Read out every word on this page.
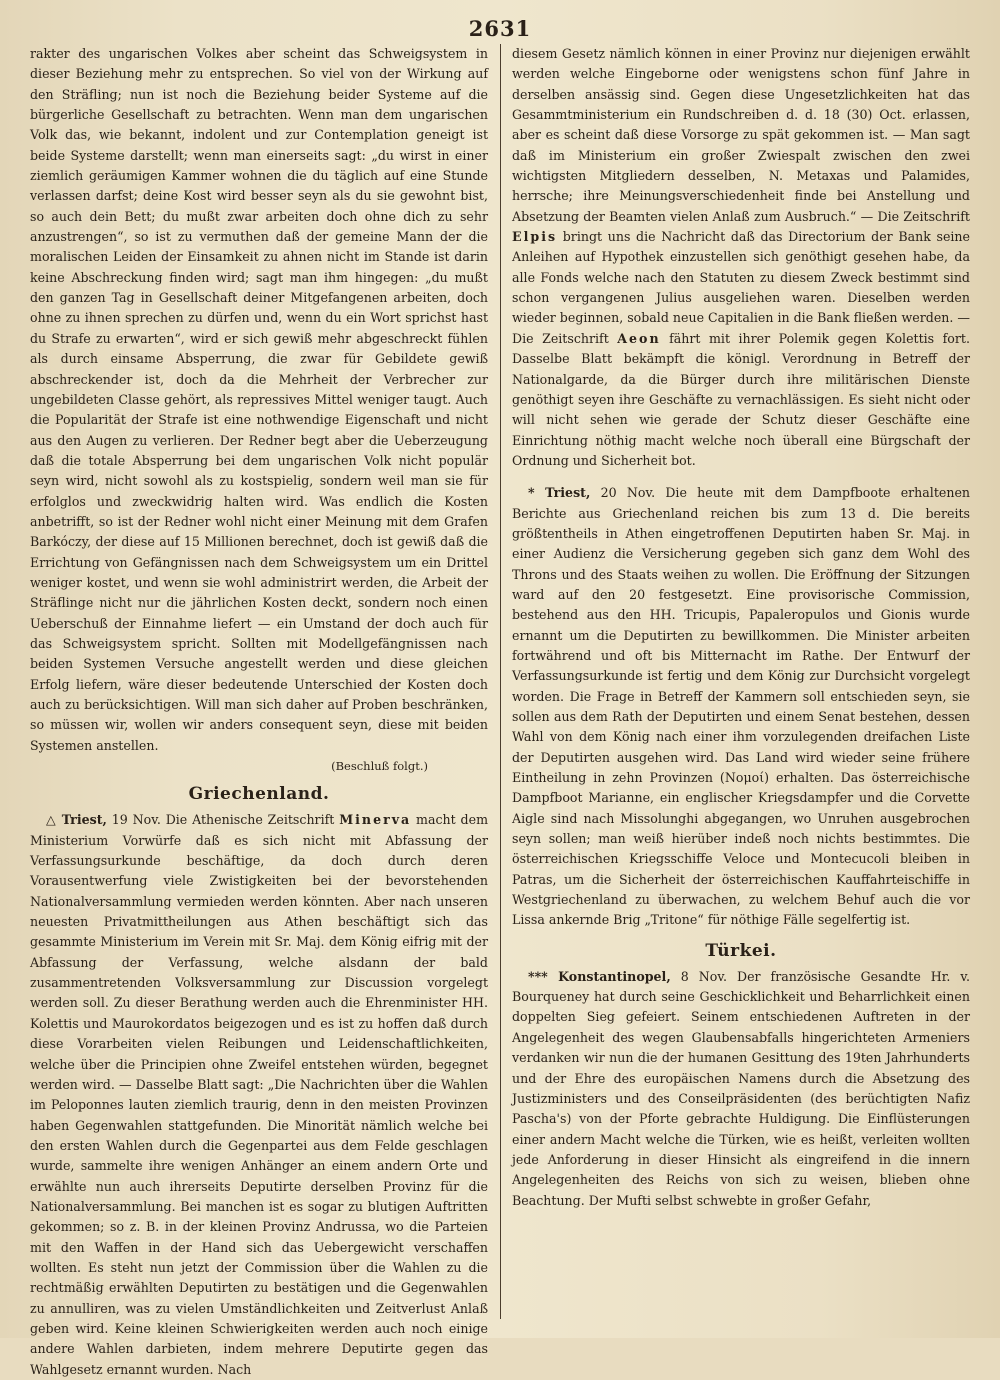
2631

rakter des ungarischen Volkes aber scheint das Schweigsystem in dieser Beziehung mehr zu entsprechen. So viel von der Wirkung auf den Sträfling; nun ist noch die Beziehung beider Systeme auf die bürgerliche Gesellschaft zu betrachten. Wenn man dem ungarischen Volk das, wie bekannt, indolent und zur Contemplation geneigt ist beide Systeme darstellt; wenn man einerseits sagt: „du wirst in einer ziemlich geräumigen Kammer wohnen die du täglich auf eine Stunde verlassen darfst; deine Kost wird besser seyn als du sie gewohnt bist, so auch dein Bett; du mußt zwar arbeiten doch ohne dich zu sehr anzustrengen“, so ist zu vermuthen daß der gemeine Mann der die moralischen Leiden der Einsamkeit zu ahnen nicht im Stande ist darin keine Abschreckung finden wird; sagt man ihm hingegen: „du mußt den ganzen Tag in Gesellschaft deiner Mitgefangenen arbeiten, doch ohne zu ihnen sprechen zu dürfen und, wenn du ein Wort sprichst hast du Strafe zu erwarten“, wird er sich gewiß mehr abgeschreckt fühlen als durch einsame Absperrung, die zwar für Gebildete gewiß abschreckender ist, doch da die Mehrheit der Verbrecher zur ungebildeten Classe gehört, als repressives Mittel weniger taugt. Auch die Popularität der Strafe ist eine nothwendige Eigenschaft und nicht aus den Augen zu verlieren. Der Redner begt aber die Ueberzeugung daß die totale Absperrung bei dem ungarischen Volk nicht populär seyn wird, nicht sowohl als zu kostspielig, sondern weil man sie für erfolglos und zweckwidrig halten wird. Was endlich die Kosten anbetrifft, so ist der Redner wohl nicht einer Meinung mit dem Grafen Barkóczy, der diese auf 15 Millionen berechnet, doch ist gewiß daß die Errichtung von Gefängnissen nach dem Schweigsystem um ein Drittel weniger kostet, und wenn sie wohl administrirt werden, die Arbeit der Sträflinge nicht nur die jährlichen Kosten deckt, sondern noch einen Ueberschuß der Einnahme liefert — ein Umstand der doch auch für das Schweigsystem spricht. Sollten mit Modellgefängnissen nach beiden Systemen Versuche angestellt werden und diese gleichen Erfolg liefern, wäre dieser bedeutende Unterschied der Kosten doch auch zu berücksichtigen. Will man sich daher auf Proben beschränken, so müssen wir, wollen wir anders consequent seyn, diese mit beiden Systemen anstellen.

(Beschluß folgt.)
Griechenland.

△ Triest, 19 Nov. Die Athenische Zeitschrift Minerva macht dem Ministerium Vorwürfe daß es sich nicht mit Abfassung der Verfassungsurkunde beschäftige, da doch durch deren Vorausentwerfung viele Zwistigkeiten bei der bevorstehenden Nationalversammlung vermieden werden könnten. Aber nach unseren neuesten Privatmittheilungen aus Athen beschäftigt sich das gesammte Ministerium im Verein mit Sr. Maj. dem König eifrig mit der Abfassung der Verfassung, welche alsdann der bald zusammentretenden Volksversammlung zur Discussion vorgelegt werden soll. Zu dieser Berathung werden auch die Ehrenminister HH. Kolettis und Maurokordatos beigezogen und es ist zu hoffen daß durch diese Vorarbeiten vielen Reibungen und Leidenschaftlichkeiten, welche über die Principien ohne Zweifel entstehen würden, begegnet werden wird. — Dasselbe Blatt sagt: „Die Nachrichten über die Wahlen im Peloponnes lauten ziemlich traurig, denn in den meisten Provinzen haben Gegenwahlen stattgefunden. Die Minorität nämlich welche bei den ersten Wahlen durch die Gegenpartei aus dem Felde geschlagen wurde, sammelte ihre wenigen Anhänger an einem andern Orte und erwählte nun auch ihrerseits Deputirte derselben Provinz für die Nationalversammlung. Bei manchen ist es sogar zu blutigen Auftritten gekommen; so z. B. in der kleinen Provinz Andrussa, wo die Parteien mit den Waffen in der Hand sich das Uebergewicht verschaffen wollten. Es steht nun jetzt der Commission über die Wahlen zu die rechtmäßig erwählten Deputirten zu bestätigen und die Gegenwahlen zu annulliren, was zu vielen Umständlichkeiten und Zeitverlust Anlaß geben wird. Keine kleinen Schwierigkeiten werden auch noch einige andere Wahlen darbieten, indem mehrere Deputirte gegen das Wahlgesetz ernannt wurden. Nach

diesem Gesetz nämlich können in einer Provinz nur diejenigen erwählt werden welche Eingeborne oder wenigstens schon fünf Jahre in derselben ansässig sind. Gegen diese Ungesetzlichkeiten hat das Gesammtministerium ein Rundschreiben d. d. 18 (30) Oct. erlassen, aber es scheint daß diese Vorsorge zu spät gekommen ist. — Man sagt daß im Ministerium ein großer Zwiespalt zwischen den zwei wichtigsten Mitgliedern desselben, N. Metaxas und Palamides, herrsche; ihre Meinungsverschiedenheit finde bei Anstellung und Absetzung der Beamten vielen Anlaß zum Ausbruch.“ — Die Zeitschrift Elpis bringt uns die Nachricht daß das Directorium der Bank seine Anleihen auf Hypothek einzustellen sich genöthigt gesehen habe, da alle Fonds welche nach den Statuten zu diesem Zweck bestimmt sind schon vergangenen Julius ausgeliehen waren. Dieselben werden wieder beginnen, sobald neue Capitalien in die Bank fließen werden. — Die Zeitschrift Aeon fährt mit ihrer Polemik gegen Kolettis fort. Dasselbe Blatt bekämpft die königl. Verordnung in Betreff der Nationalgarde, da die Bürger durch ihre militärischen Dienste genöthigt seyen ihre Geschäfte zu vernachlässigen. Es sieht nicht oder will nicht sehen wie gerade der Schutz dieser Geschäfte eine Einrichtung nöthig macht welche noch überall eine Bürgschaft der Ordnung und Sicherheit bot.

* Triest, 20 Nov. Die heute mit dem Dampfboote erhaltenen Berichte aus Griechenland reichen bis zum 13 d. Die bereits größtentheils in Athen eingetroffenen Deputirten haben Sr. Maj. in einer Audienz die Versicherung gegeben sich ganz dem Wohl des Throns und des Staats weihen zu wollen. Die Eröffnung der Sitzungen ward auf den 20 festgesetzt. Eine provisorische Commission, bestehend aus den HH. Tricupis, Papaleropulos und Gionis wurde ernannt um die Deputirten zu bewillkommen. Die Minister arbeiten fortwährend und oft bis Mitternacht im Rathe. Der Entwurf der Verfassungsurkunde ist fertig und dem König zur Durchsicht vorgelegt worden. Die Frage in Betreff der Kammern soll entschieden seyn, sie sollen aus dem Rath der Deputirten und einem Senat bestehen, dessen Wahl von dem König nach einer ihm vorzulegenden dreifachen Liste der Deputirten ausgehen wird. Das Land wird wieder seine frühere Eintheilung in zehn Provinzen (Νομοί) erhalten. Das österreichische Dampfboot Marianne, ein englischer Kriegsdampfer und die Corvette Aigle sind nach Missolunghi abgegangen, wo Unruhen ausgebrochen seyn sollen; man weiß hierüber indeß noch nichts bestimmtes. Die österreichischen Kriegsschiffe Veloce und Montecucoli bleiben in Patras, um die Sicherheit der österreichischen Kauffahrteischiffe in Westgriechenland zu überwachen, zu welchem Behuf auch die vor Lissa ankernde Brig „Tritone“ für nöthige Fälle segelfertig ist.

Türkei.

*** Konstantinopel, 8 Nov. Der französische Gesandte Hr. v. Bourqueney hat durch seine Geschicklichkeit und Beharrlichkeit einen doppelten Sieg gefeiert. Seinem entschiedenen Auftreten in der Angelegenheit des wegen Glaubensabfalls hingerichteten Armeniers verdanken wir nun die der humanen Gesittung des 19ten Jahrhunderts und der Ehre des europäischen Namens durch die Absetzung des Justizministers und des Conseilpräsidenten (des berüchtigten Nafiz Pascha's) von der Pforte gebrachte Huldigung. Die Einflüsterungen einer andern Macht welche die Türken, wie es heißt, verleiten wollten jede Anforderung in dieser Hinsicht als eingreifend in die innern Angelegenheiten des Reichs von sich zu weisen, blieben ohne Beachtung. Der Mufti selbst schwebte in großer Gefahr,
